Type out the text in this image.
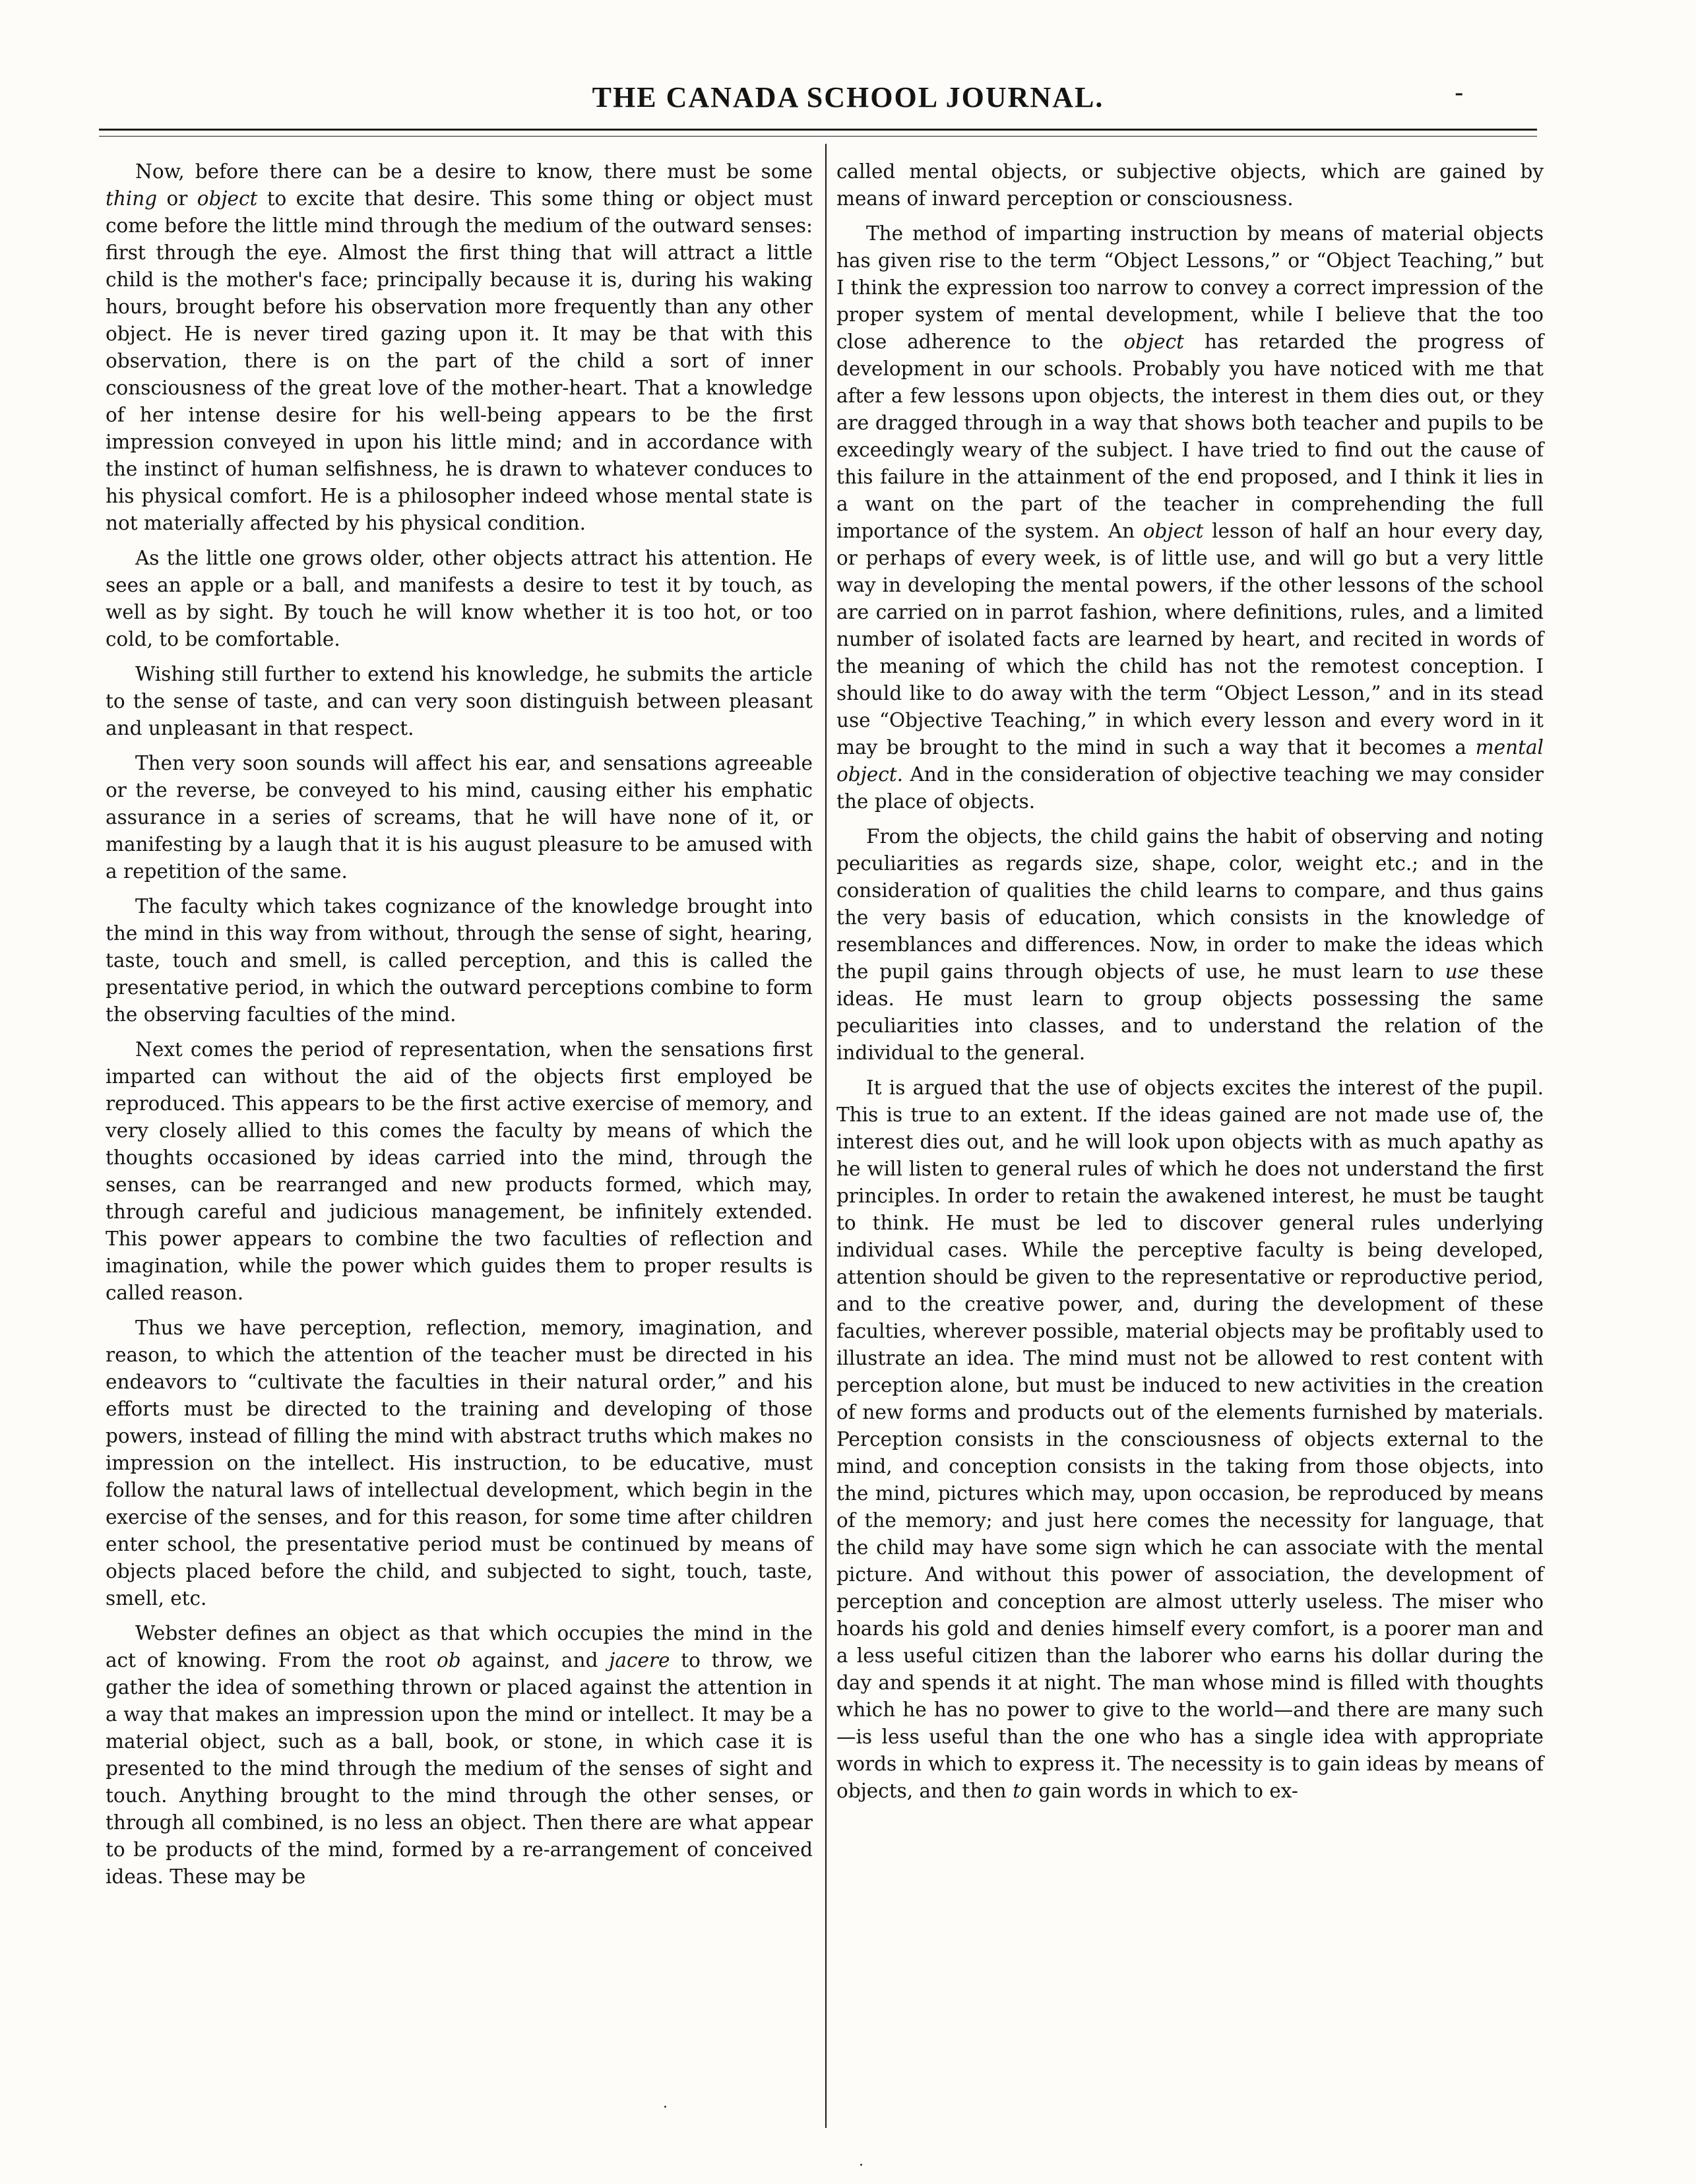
THE CANADA SCHOOL JOURNAL.	-

Now, before there can be a desire to know, there must be some thing or object to excite that desire. This some thing or object must come before the little mind through the medium of the outward senses: first through the eye. Almost the first thing that will attract a little child is the mother's face; principally because it is, during his waking hours, brought before his observation more frequently than any other object. He is never tired gazing upon it. It may be that with this observation, there is on the part of the child a sort of inner consciousness of the great love of the mother-heart. That a knowledge of her intense desire for his well-being appears to be the first impression conveyed in upon his little mind; and in accordance with the instinct of human selfishness, he is drawn to whatever conduces to his physical comfort. He is a philosopher indeed whose mental state is not materially affected by his physical condition.

As the little one grows older, other objects attract his attention. He sees an apple or a ball, and manifests a desire to test it by touch, as well as by sight. By touch he will know whether it is too hot, or too cold, to be comfortable.

Wishing still further to extend his knowledge, he submits the article to the sense of taste, and can very soon distinguish between pleasant and unpleasant in that respect.

Then very soon sounds will affect his ear, and sensations agreeable or the reverse, be conveyed to his mind, causing either his emphatic assurance in a series of screams, that he will have none of it, or manifesting by a laugh that it is his august pleasure to be amused with a repetition of the same.

The faculty which takes cognizance of the knowledge brought into the mind in this way from without, through the sense of sight, hearing, taste, touch and smell, is called perception, and this is called the presentative period, in which the outward perceptions combine to form the observing faculties of the mind.

Next comes the period of representation, when the sensations first imparted can without the aid of the objects first employed be reproduced. This appears to be the first active exercise of memory, and very closely allied to this comes the faculty by means of which the thoughts occasioned by ideas carried into the mind, through the senses, can be rearranged and new products formed, which may, through careful and judicious management, be infinitely extended. This power appears to combine the two faculties of reflection and imagination, while the power which guides them to proper results is called reason.

Thus we have perception, reflection, memory, imagination, and reason, to which the attention of the teacher must be directed in his endeavors to “cultivate the faculties in their natural order,” and his efforts must be directed to the training and developing of those powers, instead of filling the mind with abstract truths which makes no impression on the intellect. His instruction, to be educative, must follow the natural laws of intellectual development, which begin in the exercise of the senses, and for this reason, for some time after children enter school, the presentative period must be continued by means of objects placed before the child, and subjected to sight, touch, taste, smell, etc.

Webster defines an object as that which occupies the mind in the act of knowing. From the root ob against, and jacere to throw, we gather the idea of something thrown or placed against the attention in a way that makes an impression upon the mind or intellect. It may be a material object, such as a ball, book, or stone, in which case it is presented to the mind through the medium of the senses of sight and touch. Anything brought to the mind through the other senses, or through all combined, is no less an object. Then there are what appear to be products of the mind, formed by a re-arrangement of conceived ideas. These may be

called mental objects, or subjective objects, which are gained by means of inward perception or consciousness.

The method of imparting instruction by means of material objects has given rise to the term “Object Lessons,” or “Object Teaching,” but I think the expression too narrow to convey a correct impression of the proper system of mental development, while I believe that the too close adherence to the object has retarded the progress of development in our schools. Probably you have noticed with me that after a few lessons upon objects, the interest in them dies out, or they are dragged through in a way that shows both teacher and pupils to be exceedingly weary of the subject. I have tried to find out the cause of this failure in the attainment of the end proposed, and I think it lies in a want on the part of the teacher in comprehending the full importance of the system. An object lesson of half an hour every day, or perhaps of every week, is of little use, and will go but a very little way in developing the mental powers, if the other lessons of the school are carried on in parrot fashion, where definitions, rules, and a limited number of isolated facts are learned by heart, and recited in words of the meaning of which the child has not the remotest conception. I should like to do away with the term “Object Lesson,” and in its stead use “Objective Teaching,” in which every lesson and every word in it may be brought to the mind in such a way that it becomes a mental object. And in the consideration of objective teaching we may consider the place of objects.

From the objects, the child gains the habit of observing and noting peculiarities as regards size, shape, color, weight etc.; and in the consideration of qualities the child learns to compare, and thus gains the very basis of education, which consists in the knowledge of resemblances and differences. Now, in order to make the ideas which the pupil gains through objects of use, he must learn to use these ideas. He must learn to group objects possessing the same peculiarities into classes, and to understand the relation of the individual to the general.

It is argued that the use of objects excites the interest of the pupil. This is true to an extent. If the ideas gained are not made use of, the interest dies out, and he will look upon objects with as much apathy as he will listen to general rules of which he does not understand the first principles. In order to retain the awakened interest, he must be taught to think. He must be led to discover general rules underlying individual cases. While the perceptive faculty is being developed, attention should be given to the representative or reproductive period, and to the creative power, and, during the development of these faculties, wherever possible, material objects may be profitably used to illustrate an idea. The mind must not be allowed to rest content with perception alone, but must be induced to new activities in the creation of new forms and products out of the elements furnished by materials. Perception consists in the consciousness of objects external to the mind, and conception consists in the taking from those objects, into the mind, pictures which may, upon occasion, be reproduced by means of the memory; and just here comes the necessity for language, that the child may have some sign which he can associate with the mental picture. And without this power of association, the development of perception and conception are almost utterly useless. The miser who hoards his gold and denies himself every comfort, is a poorer man and a less useful citizen than the laborer who earns his dollar during the day and spends it at night. The man whose mind is filled with thoughts which he has no power to give to the world—and there are many such—is less useful than the one who has a single idea with appropriate words in which to express it. The necessity is to gain ideas by means of objects, and then to gain words in which to ex-

.
.
